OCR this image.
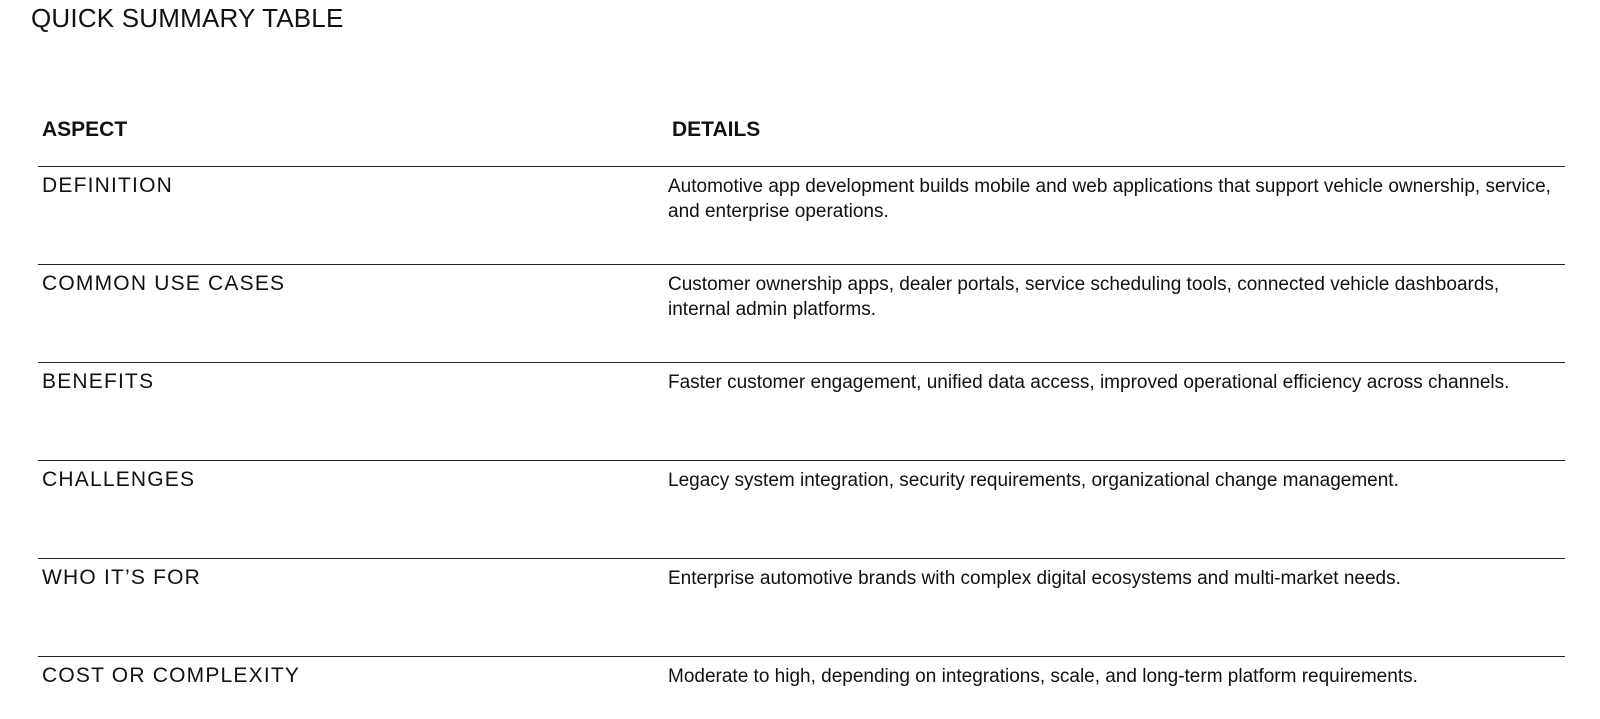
QUICK SUMMARY TABLE
ASPECT	DETAILS
DEFINITION	Automotive app development builds mobile and web applications that support vehicle ownership, service, and enterprise operations.
COMMON USE CASES	Customer ownership apps, dealer portals, service scheduling tools, connected vehicle dashboards, internal admin platforms.
BENEFITS	Faster customer engagement, unified data access, improved operational efficiency across channels.
CHALLENGES	Legacy system integration, security requirements, organizational change management.
WHO IT’S FOR	Enterprise automotive brands with complex digital ecosystems and multi-market needs.
COST OR COMPLEXITY	Moderate to high, depending on integrations, scale, and long-term platform requirements.
